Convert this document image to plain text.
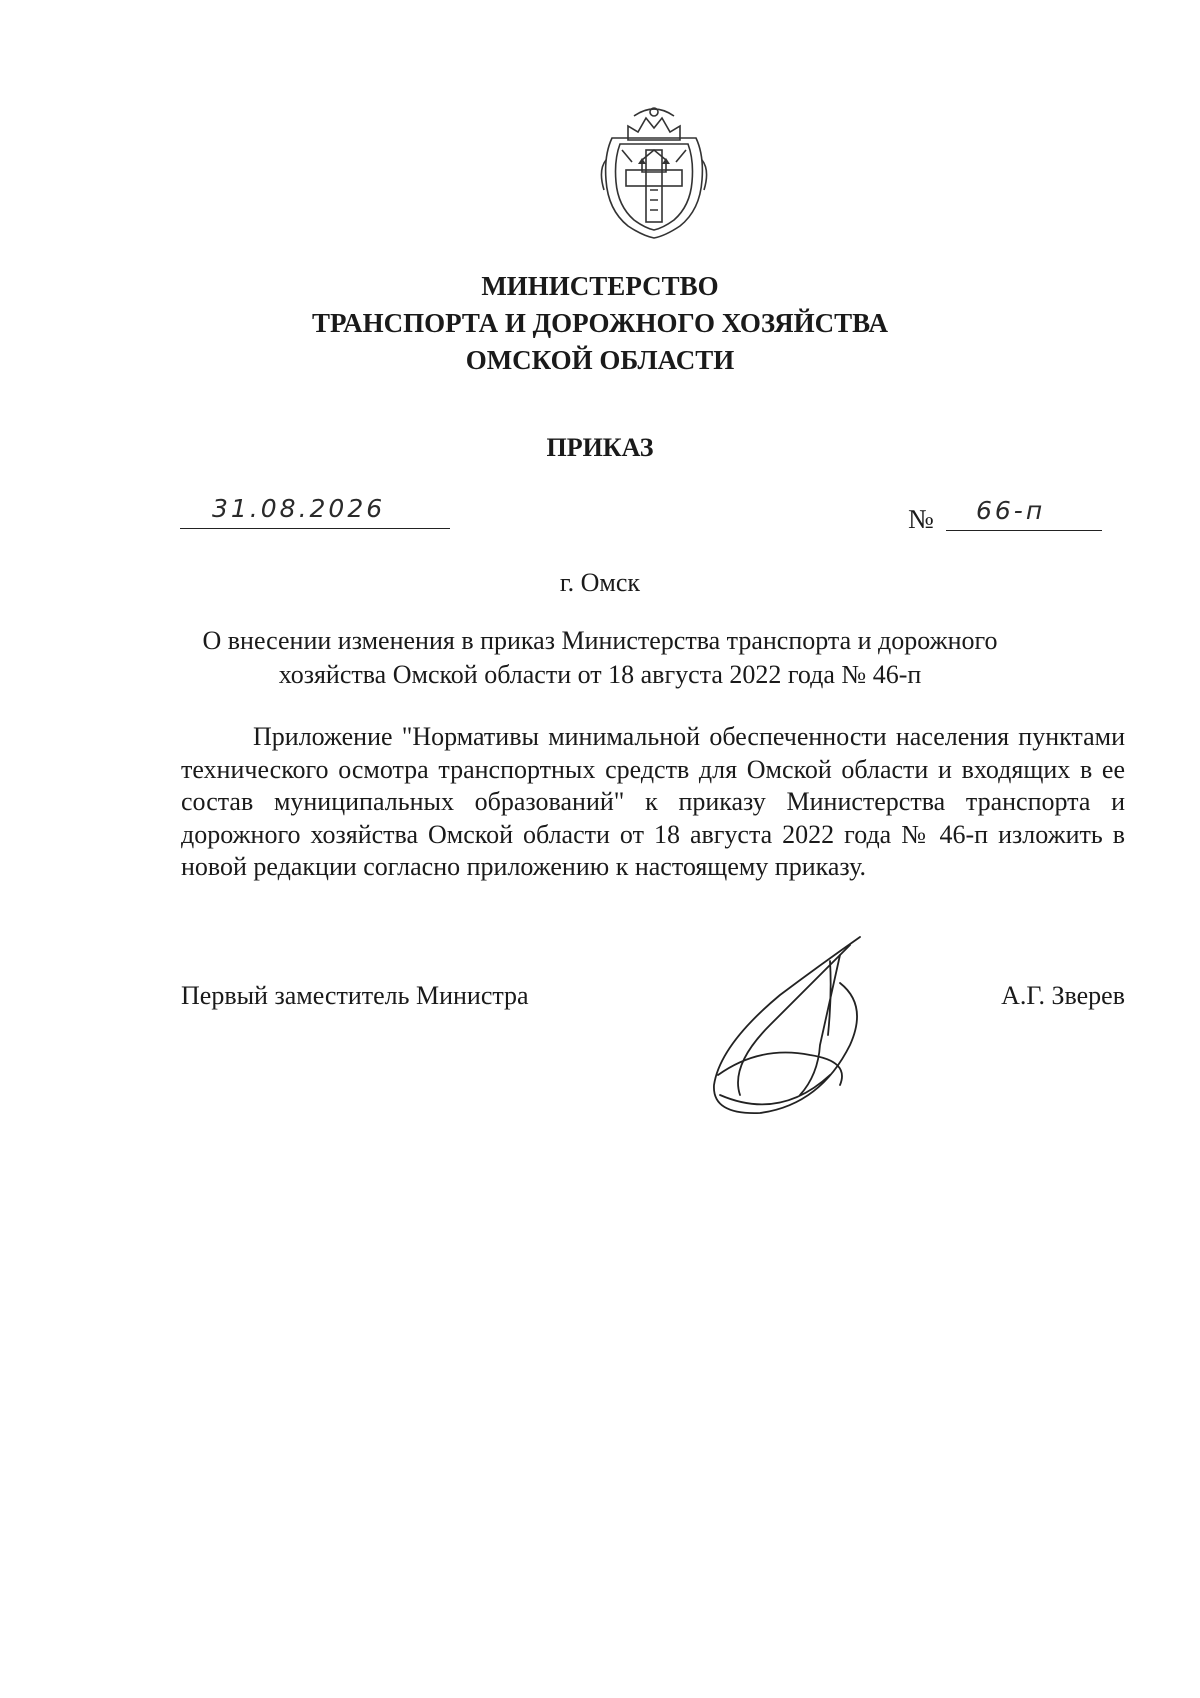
МИНИСТЕРСТВО
ТРАНСПОРТА И ДОРОЖНОГО ХОЗЯЙСТВА
ОМСКОЙ ОБЛАСТИ
ПРИКАЗ
31.08.2026	№ 66-п
г. Омск
О внесении изменения в приказ Министерства транспорта и дорожного
хозяйства Омской области от 18 августа 2022 года № 46-п

Приложение "Нормативы минимальной обеспеченности населения пунктами технического осмотра транспортных средств для Омской области и входящих в ее состав муниципальных образований" к приказу Министерства транспорта и дорожного хозяйства Омской области от 18 августа 2022 года № 46-п изложить в новой редакции согласно приложению к настоящему приказу.

Первый заместитель Министра	А.Г. Зверев
